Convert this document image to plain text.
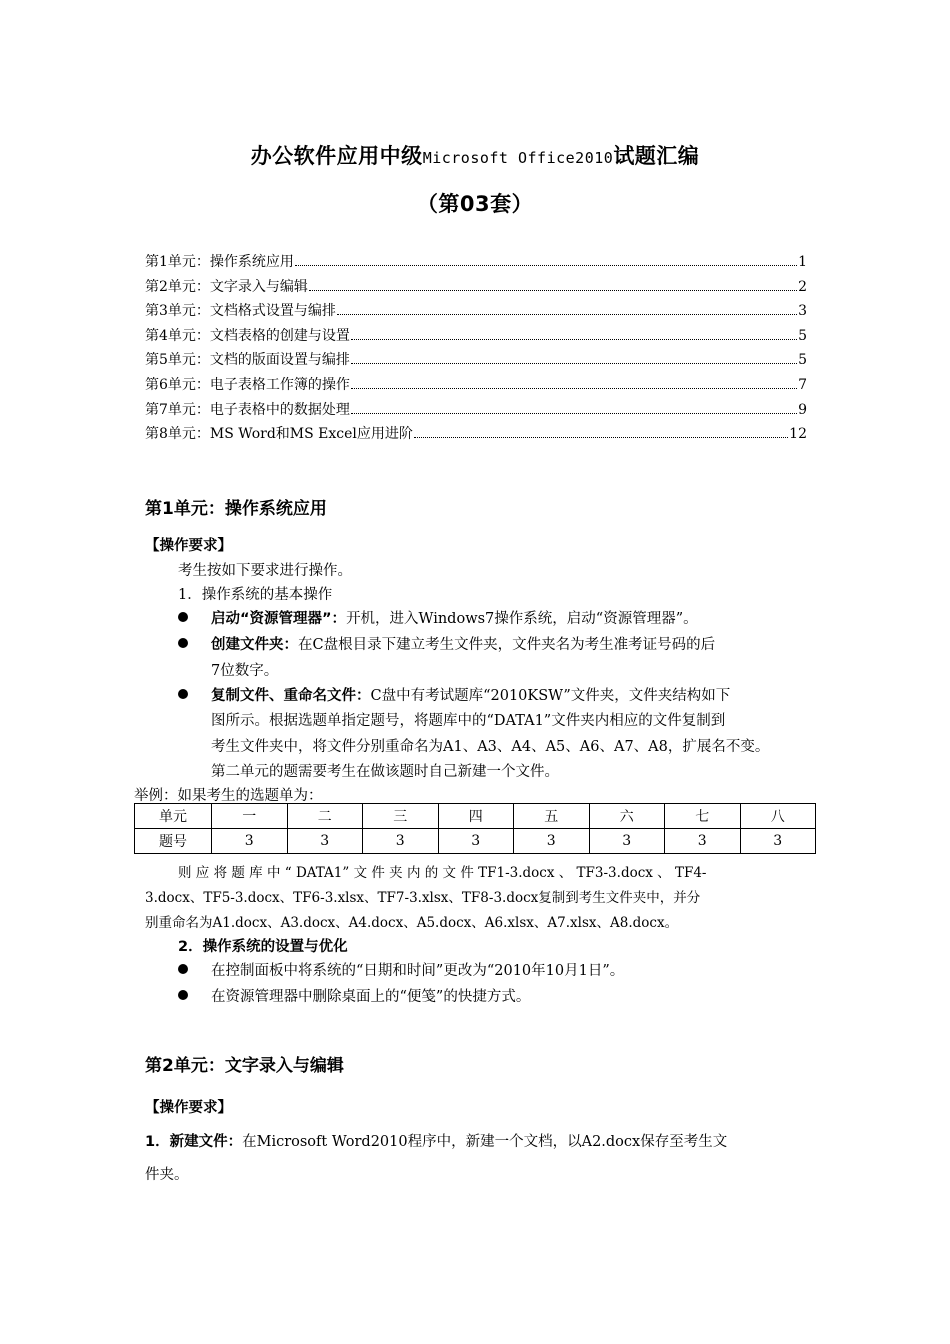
办公软件应用中级Microsoft Office2010试题汇编
（第03套）
第1单元：操作系统应用	1
第2单元：文字录入与编辑	2
第3单元：文档格式设置与编排	3
第4单元：文档表格的创建与设置	5
第5单元：文档的版面设置与编排	5
第6单元：电子表格工作簿的操作	7
第7单元：电子表格中的数据处理	9
第8单元：MS Word和MS Excel应用进阶	12
第1单元：操作系统应用
【操作要求】
考生按如下要求进行操作。
1．操作系统的基本操作
启动“资源管理器”：开机，进入Windows7操作系统，启动“资源管理器”。
创建文件夹：在C盘根目录下建立考生文件夹，文件夹名为考生准考证号码的后
7位数字。
复制文件、重命名文件：C盘中有考试题库“2010KSW”文件夹，文件夹结构如下
图所示。根据选题单指定题号，将题库中的“DATA1”文件夹内相应的文件复制到
考生文件夹中，将文件分别重命名为A1、A3、A4、A5、A6、A7、A8，扩展名不变。
第二单元的题需要考生在做该题时自己新建一个文件。
举例：如果考生的选题单为：
单元	一	二	三	四	五	六	七	八
题号	3	3	3	3	3	3	3	3
则 应 将 题 库 中 “ DATA1” 文 件 夹 内 的 文 件 TF1-3.docx 、 TF3-3.docx 、 TF4-
3.docx、TF5-3.docx、TF6-3.xlsx、TF7-3.xlsx、TF8-3.docx复制到考生文件夹中，并分
别重命名为A1.docx、A3.docx、A4.docx、A5.docx、A6.xlsx、A7.xlsx、A8.docx。
2．操作系统的设置与优化
在控制面板中将系统的“日期和时间”更改为“2010年10月1日”。
在资源管理器中删除桌面上的“便笺”的快捷方式。
第2单元：文字录入与编辑
【操作要求】
1．新建文件：在Microsoft Word2010程序中，新建一个文档，以A2.docx保存至考生文
件夹。
